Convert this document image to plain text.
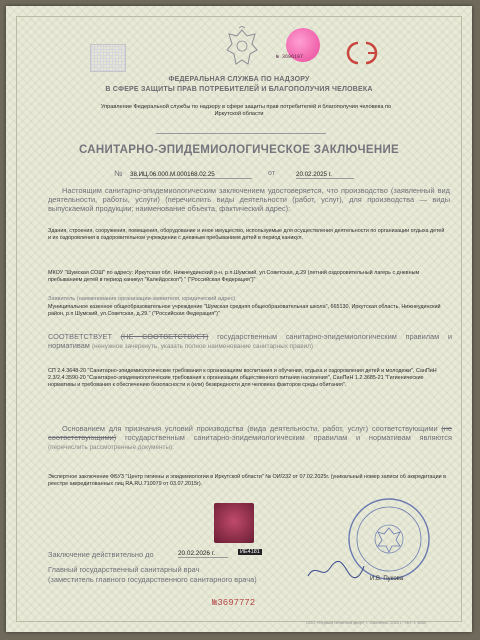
№ 3696197
ФЕДЕРАЛЬНАЯ СЛУЖБА ПО НАДЗОРУ
В СФЕРЕ ЗАЩИТЫ ПРАВ ПОТРЕБИТЕЛЕЙ И БЛАГОПОЛУЧИЯ ЧЕЛОВЕКА
Управление Федеральной службы по надзору в сфере защиты прав потребителей и благополучия человека по
Иркутской области
САНИТАРНО-ЭПИДЕМИОЛОГИЧЕСКОЕ ЗАКЛЮЧЕНИЕ
№ 38.ИЦ.06.000.М.000168.02.25	от	20.02.2025 г.
Настоящим санитарно-эпидемиологическим заключением удостоверяется, что производство (заявленный вид деятельности, работы, услуги) (перечислить виды деятельности (работ, услуг), для производства — виды выпускаемой продукции; наименование объекта, фактический адрес):
Здания, строения, сооружения, помещения, оборудование и иное имущество, используемые для осуществления деятельности по организации отдыха детей и их оздоровления в оздоровительном учреждении с дневным пребыванием детей в период каникул.
МКОУ "Шумская СОШ" по адресу: Иркутская обл, Нижнеудинский р-н, р.п.Шумский, ул.Советская, д.29 (летний оздоровительный лагерь с дневным пребыванием детей в период каникул "Калейдоскоп") " ("Российская Федерация")"
Заявитель (наименование организации-заявителя, юридический адрес)
Муниципальное казенное общеобразовательное учреждение "Шумская средняя общеобразовательная школа", 665130, Иркутская область, Нижнеудинский район, р.п Шумский, ул.Советская, д.29." ("Российская Федерация")"
СООТВЕТСТВУЕТ (НЕ СООТВЕТСТВУЕТ) государственным санитарно-эпидемиологическим правилам и нормативам (ненужное зачеркнуть, указать полное наименование санитарных правил)
СП 2.4.3648-20 "Санитарно-эпидемиологические требования к организациям воспитания и обучения, отдыха и оздоровления детей и молодежи", СанПиН 2.3/2.4.3590-20 "Санитарно-эпидемиологические требования к организации общественного питания населения", СанПиН 1.2.3685-21 "Гигиенические нормативы и требования к обеспечению безопасности и (или) безвредности для человека факторов среды обитания".
Основанием для признания условий производства (вида деятельности, работ, услуг) соответствующими (не соответствующими) государственным санитарно-эпидемиологическим правилам и нормативам являются (перечислить рассмотренные документы):
Экспертное заключение ФБУЗ "Центр гигиены и эпидемиологии в Иркутской области" № ОИ/232 от 07.02.2025г. (уникальный номер записи об аккредитации в реестре аккредитованных лиц RA.RU.710079 от 03.07.2015г).
Заключение действительно до	20.02.2026 г.	ИЕ4181
Главный государственный санитарный врач
(заместитель главного государственного санитарного врача)	И.В. Пукова
№3697772
ООО «Первый печатный двор», г. Смоленск, 2024 г., «Б», т. 6000
